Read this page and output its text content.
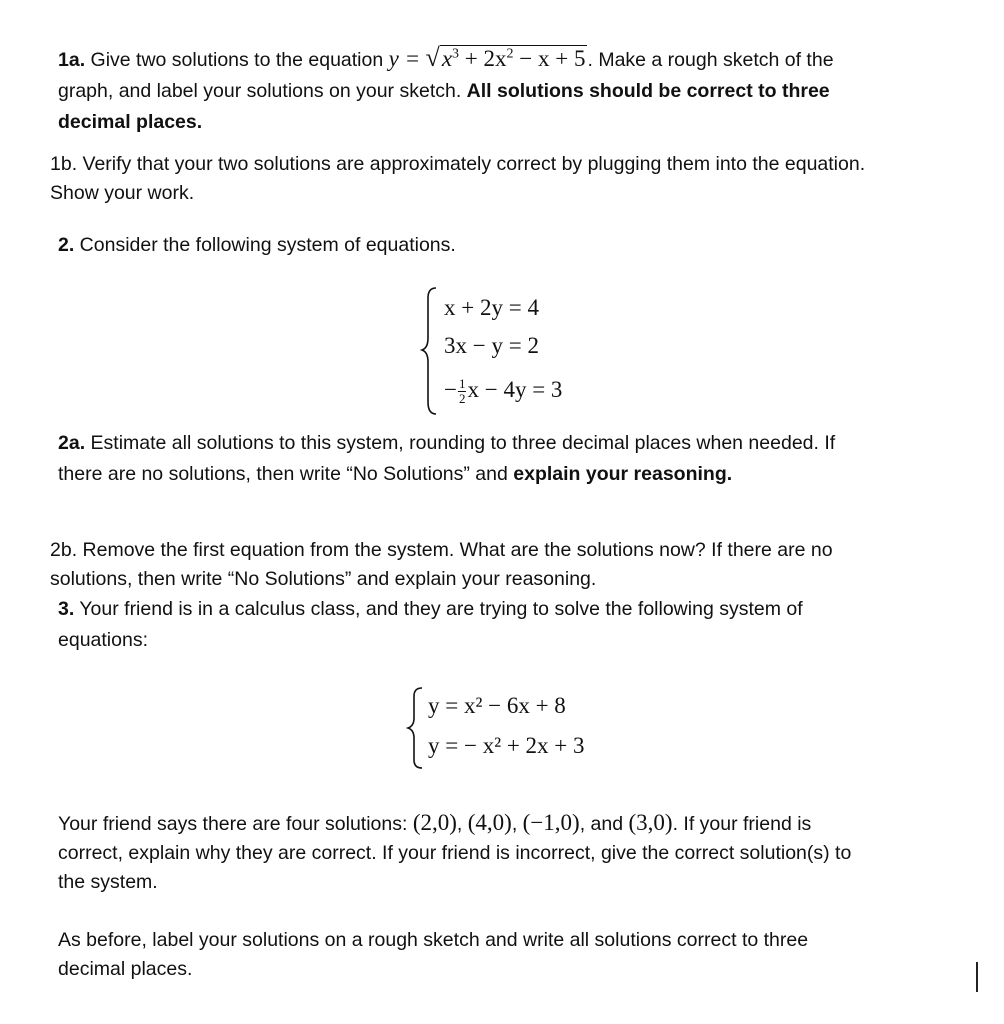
1a. Give two solutions to the equation $y = √x^3 + 2x^2 - x + 5$ . Make a rough sketch of the
graph, and label your solutions on your sketch. All solutions should be correct to three
decimal places.
1b. Verify that your two solutions are approximately correct by plugging them into the equation.
Show your work.
2. Consider the following system of equations.
x + 2y = 4
3x − y = 2
− $\frac{1}{2}$ x − 4y = 3
2a. Estimate all solutions to this system, rounding to three decimal places when needed. If
there are no solutions, then write “No Solutions” and explain your reasoning.
2b. Remove the first equation from the system. What are the solutions now? If there are no
solutions, then write “No Solutions” and explain your reasoning.
3. Your friend is in a calculus class, and they are trying to solve the following system of
equations:
y = x² − 6x + 8
y = − x² + 2x + 3
Your friend says there are four solutions: (2,0), (4,0), (−1,0), and (3,0). If your friend is
correct, explain why they are correct. If your friend is incorrect, give the correct solution(s) to
the system.
As before, label your solutions on a rough sketch and write all solutions correct to three
decimal places.
